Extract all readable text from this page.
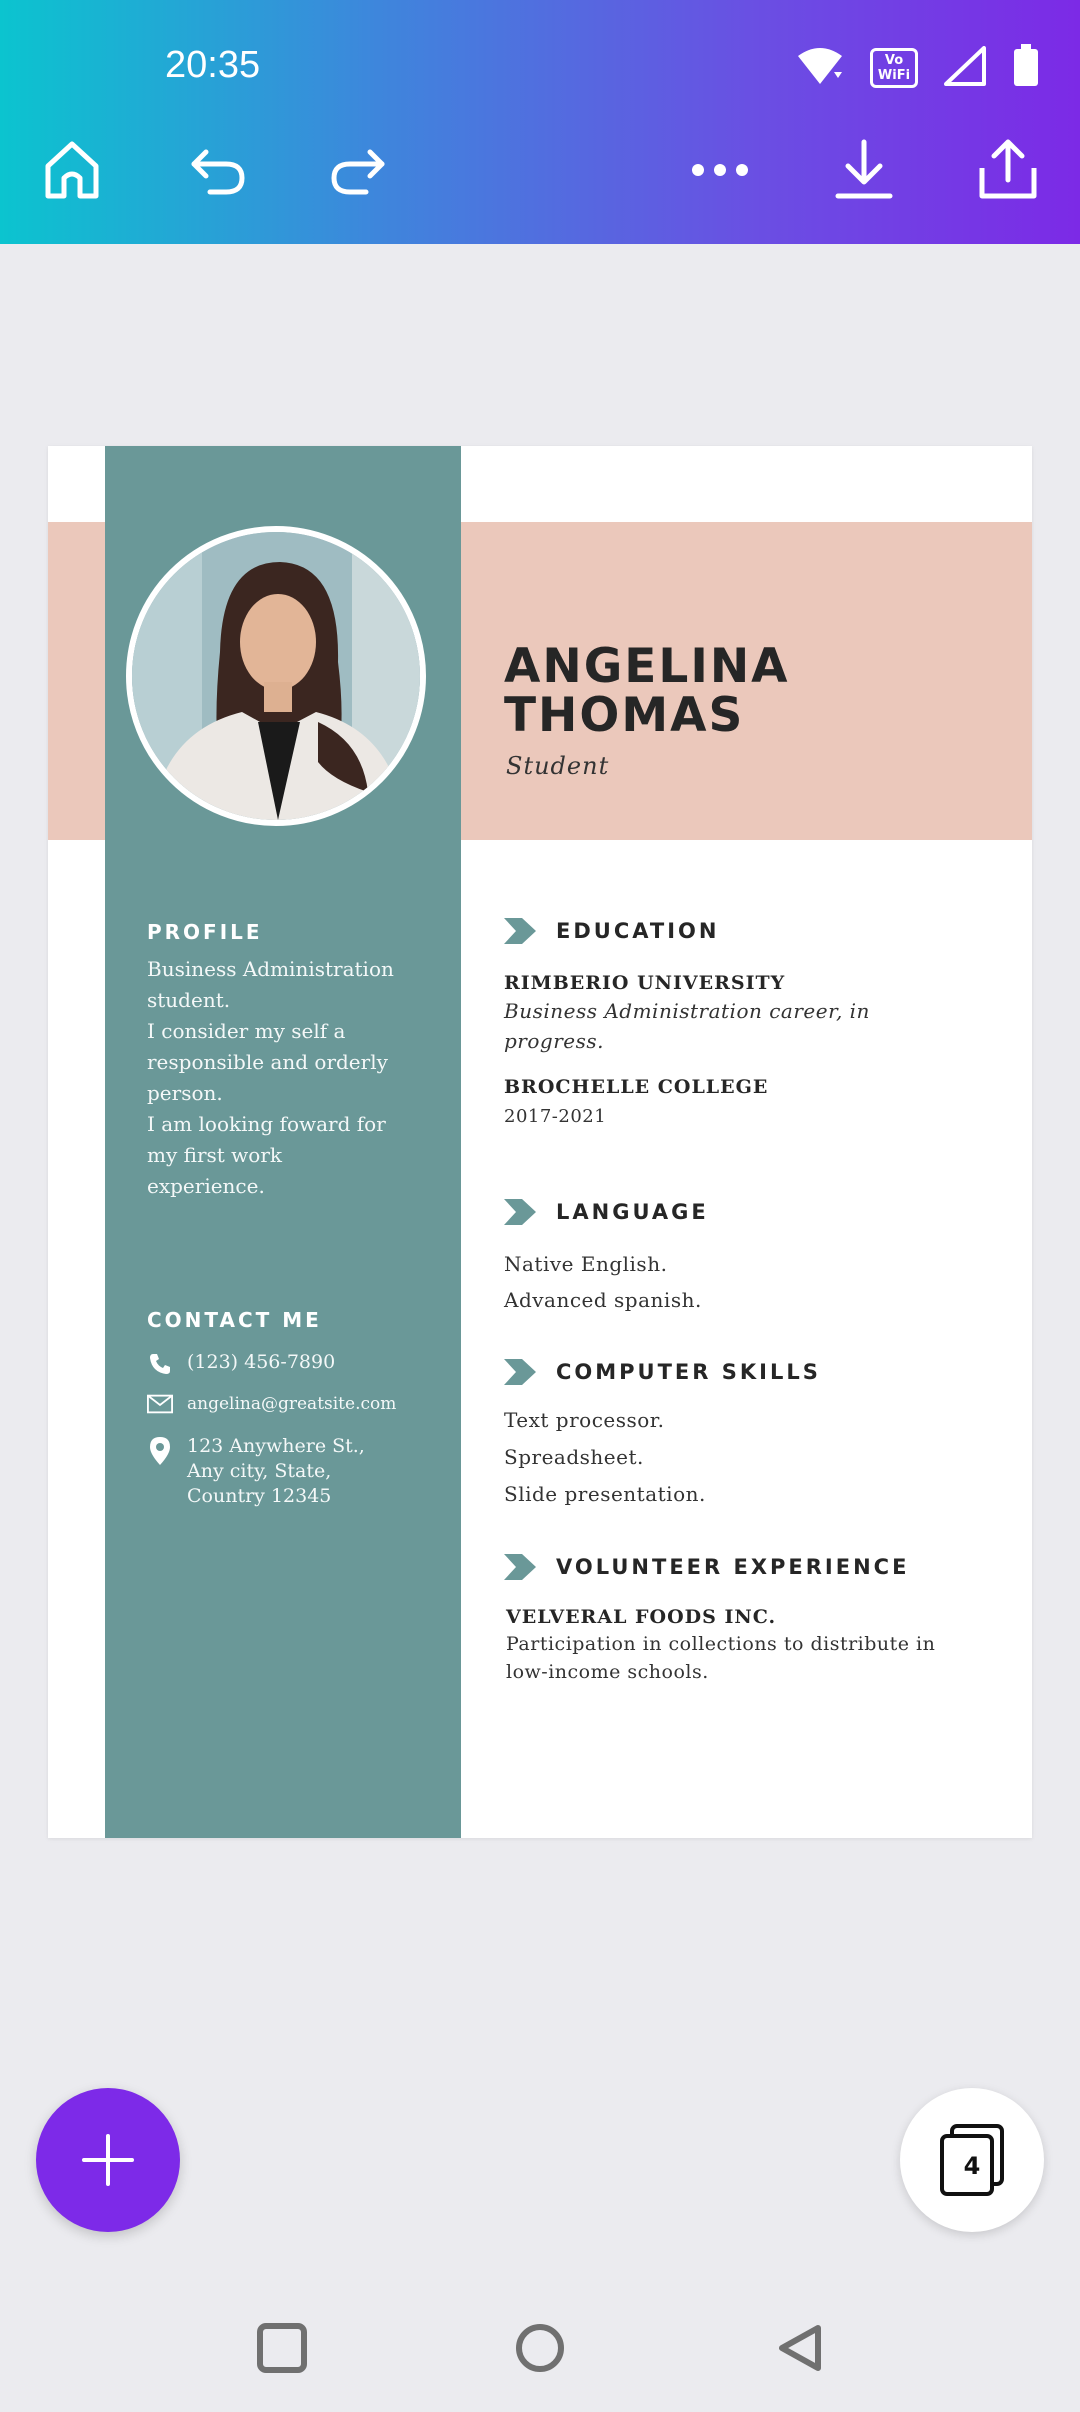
20:35	Vo
WiFi
ANGELINA
THOMAS
Student
PROFILE
Business Administration
student.
I consider my self a
responsible and orderly
person.
I am looking foward for
my first work
experience.
CONTACT ME
(123) 456-7890
angelina@greatsite.com
123 Anywhere St.,
Any city, State,
Country 12345
EDUCATION
RIMBERIO UNIVERSITY
Business Administration career, in
progress.
BROCHELLE COLLEGE
2017-2021
LANGUAGE
Native English.
Advanced spanish.
COMPUTER SKILLS
Text processor.
Spreadsheet.
Slide presentation.
VOLUNTEER EXPERIENCE
VELVERAL FOODS INC.
Participation in collections to distribute in
low-income schools.
4
